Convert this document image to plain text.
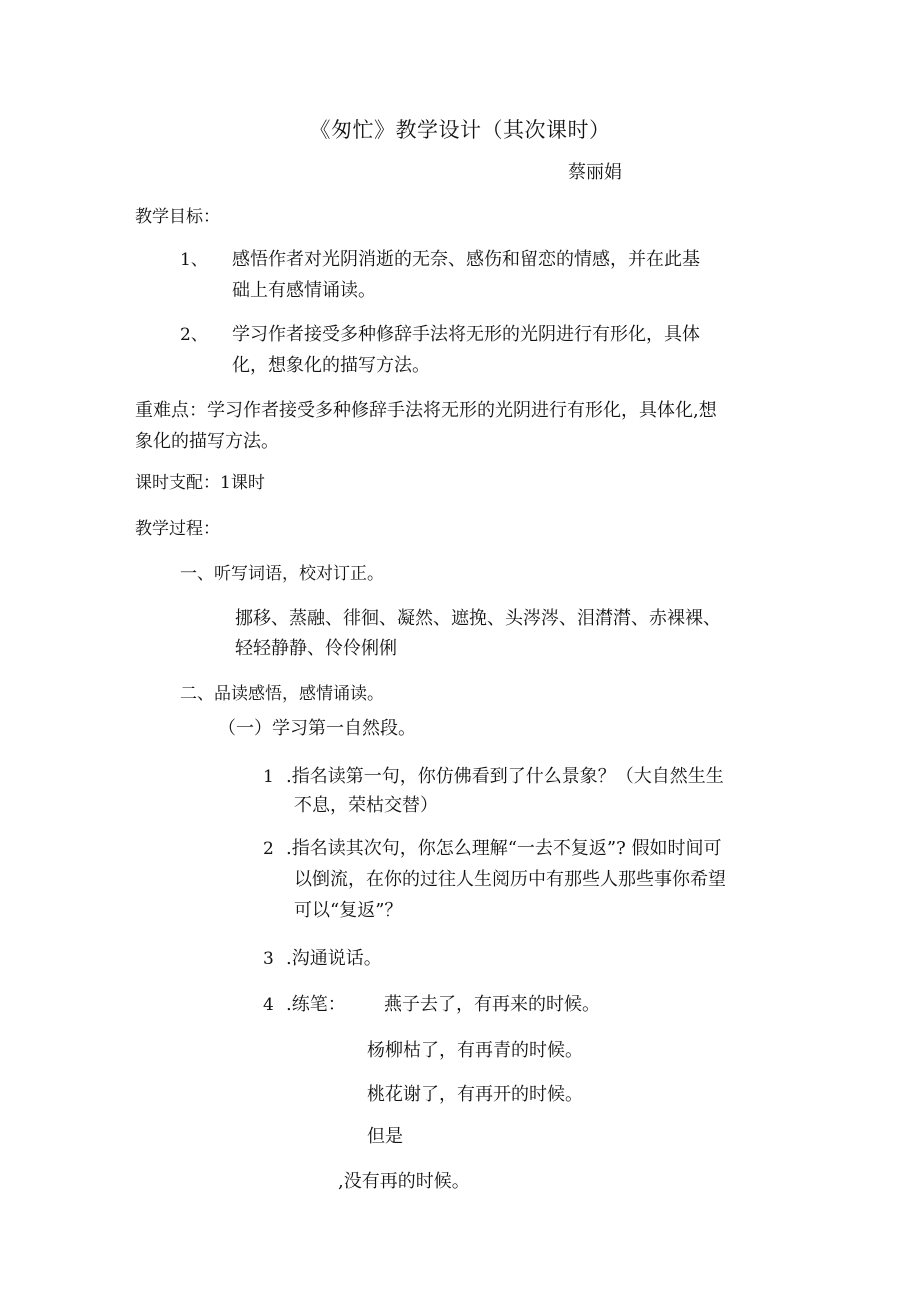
《匆忙》教学设计（其次课时）
蔡丽娟
教学目标：
1、 感悟作者对光阴消逝的无奈、感伤和留恋的情感，并在此基
础上有感情诵读。
2、 学习作者接受多种修辞手法将无形的光阴进行有形化，具体
化，想象化的描写方法。
重难点：学习作者接受多种修辞手法将无形的光阴进行有形化，具体化,想
象化的描写方法。
课时支配：1课时
教学过程：
一、听写词语，校对订正。
挪移、蒸融、徘徊、凝然、遮挽、头涔涔、泪潸潸、赤裸裸、
轻轻静静、伶伶俐俐
二、品读感悟，感情诵读。
（一）学习第一自然段。
1 .指名读第一句，你仿佛看到了什么景象？（大自然生生
不息，荣枯交替）
2 .指名读其次句，你怎么理解“一去不复返”? 假如时间可
以倒流，在你的过往人生阅历中有那些人那些事你希望
可以“复返”？
3 .沟通说话。
4 .练笔： 燕子去了，有再来的时候。
杨柳枯了，有再青的时候。
桃花谢了，有再开的时候。
但是
,没有再的时候。
